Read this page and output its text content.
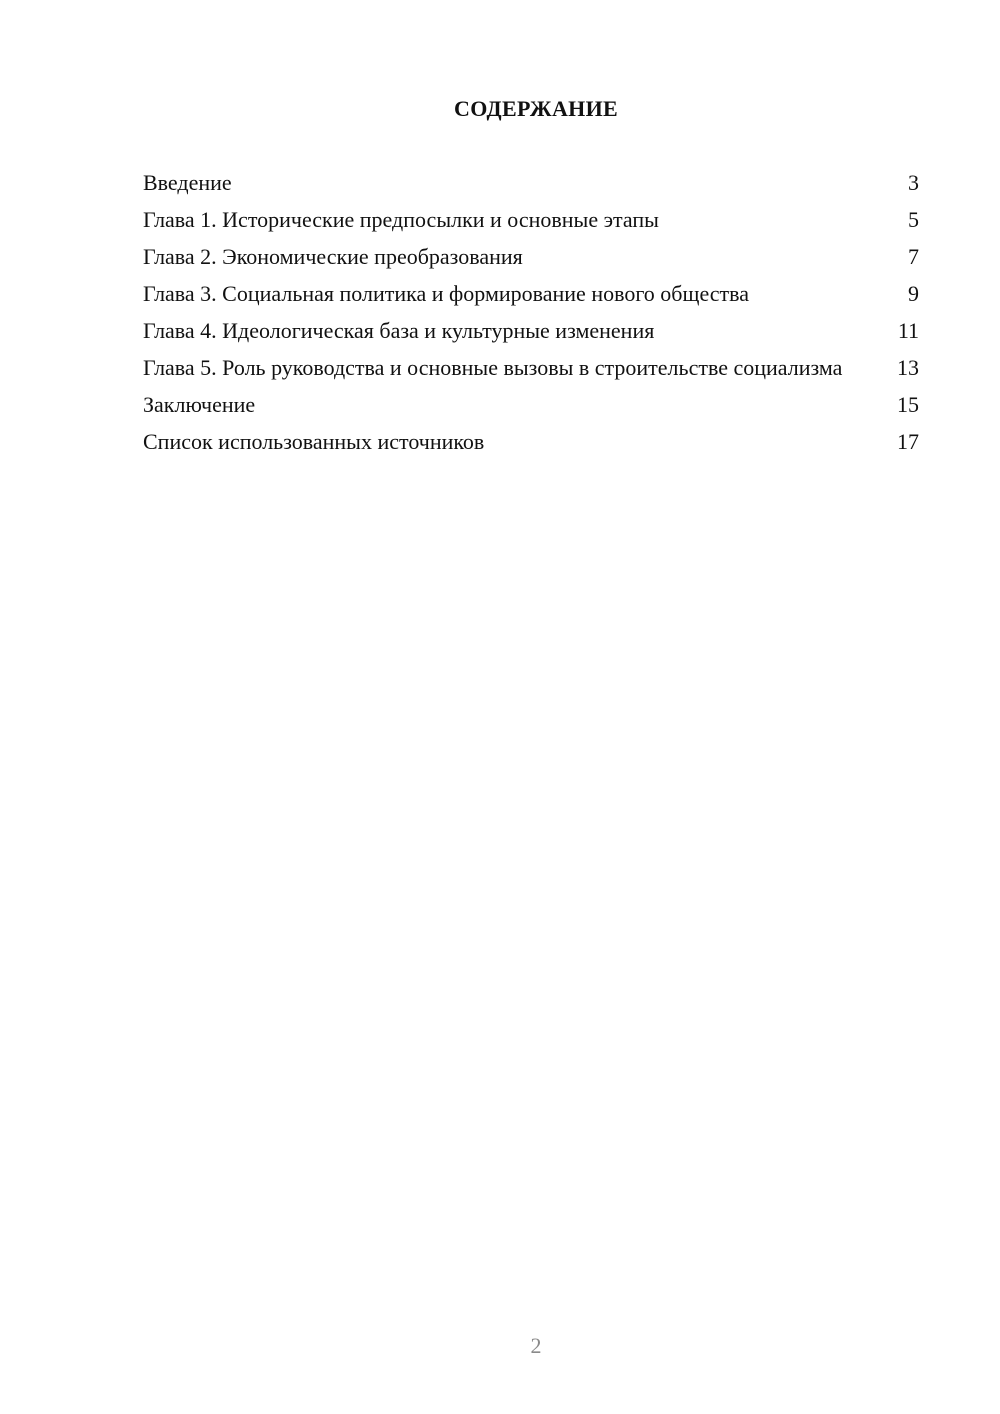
СОДЕРЖАНИЕ
Введение	3
Глава 1. Исторические предпосылки и основные этапы	5
Глава 2. Экономические преобразования	7
Глава 3. Социальная политика и формирование нового общества	9
Глава 4. Идеологическая база и культурные изменения	11
Глава 5. Роль руководства и основные вызовы в строительстве социализма	13
Заключение	15
Список использованных источников	17
2
